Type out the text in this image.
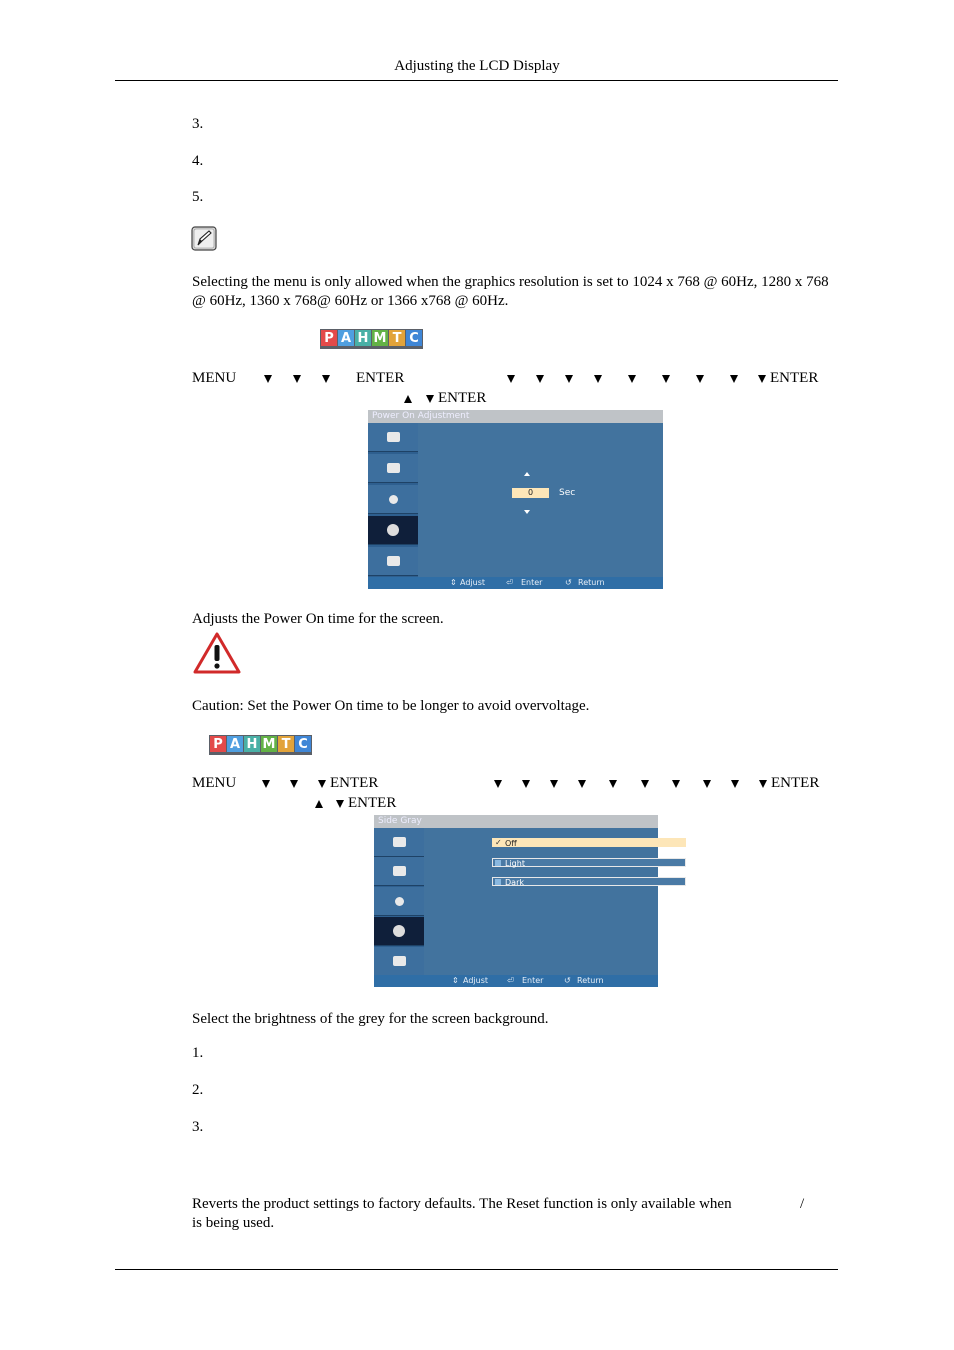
Adjusting the LCD Display
3.
4.
5.
Selecting the menu is only allowed when the graphics resolution is set to 1024 x 768 @ 60Hz, 1280 x 768 @ 60Hz, 1360 x 768@ 60Hz or 1366 x768 @ 60Hz.
P A H M T C
MENU	ENTER	ENTER
ENTER
Power On Adjustment
0	Sec
⇕ Adjust	⏎ Enter	↺ Return
Adjusts the Power On time for the screen.
Caution: Set the Power On time to be longer to avoid overvoltage.
P A H M T C
MENU	ENTER	ENTER
ENTER
Side Gray
✓ Off
Light
Dark
⇕ Adjust ⏎ Enter	↺ Return
Select the brightness of the grey for the screen background.
1.
2.
3.
Reverts the product settings to factory defaults. The Reset function is only available when	/
is being used.
